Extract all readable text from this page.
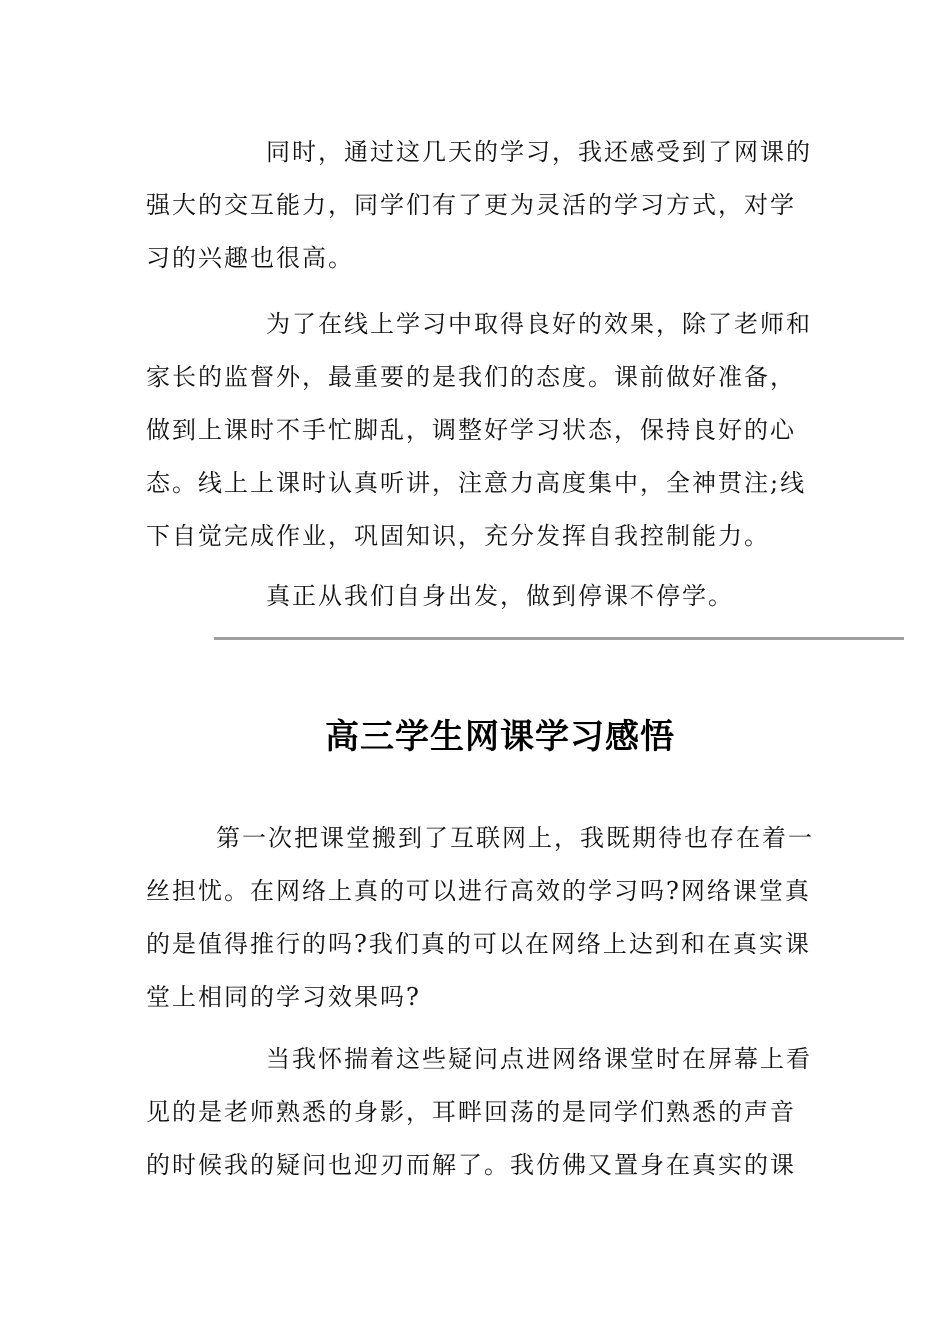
同时，通过这几天的学习，我还感受到了网课的强大的交互能力，同学们有了更为灵活的学习方式，对学习的兴趣也很高。

为了在线上学习中取得良好的效果，除了老师和家长的监督外，最重要的是我们的态度。课前做好准备，做到上课时不手忙脚乱，调整好学习状态，保持良好的心态。线上上课时认真听讲，注意力高度集中，全神贯注;线下自觉完成作业，巩固知识，充分发挥自我控制能力。

真正从我们自身出发，做到停课不停学。

高三学生网课学习感悟

第一次把课堂搬到了互联网上，我既期待也存在着一丝担忧。在网络上真的可以进行高效的学习吗?网络课堂真的是值得推行的吗?我们真的可以在网络上达到和在真实课堂上相同的学习效果吗?

当我怀揣着这些疑问点进网络课堂时在屏幕上看见的是老师熟悉的身影，耳畔回荡的是同学们熟悉的声音的时候我的疑问也迎刃而解了。我仿佛又置身在真实的课
